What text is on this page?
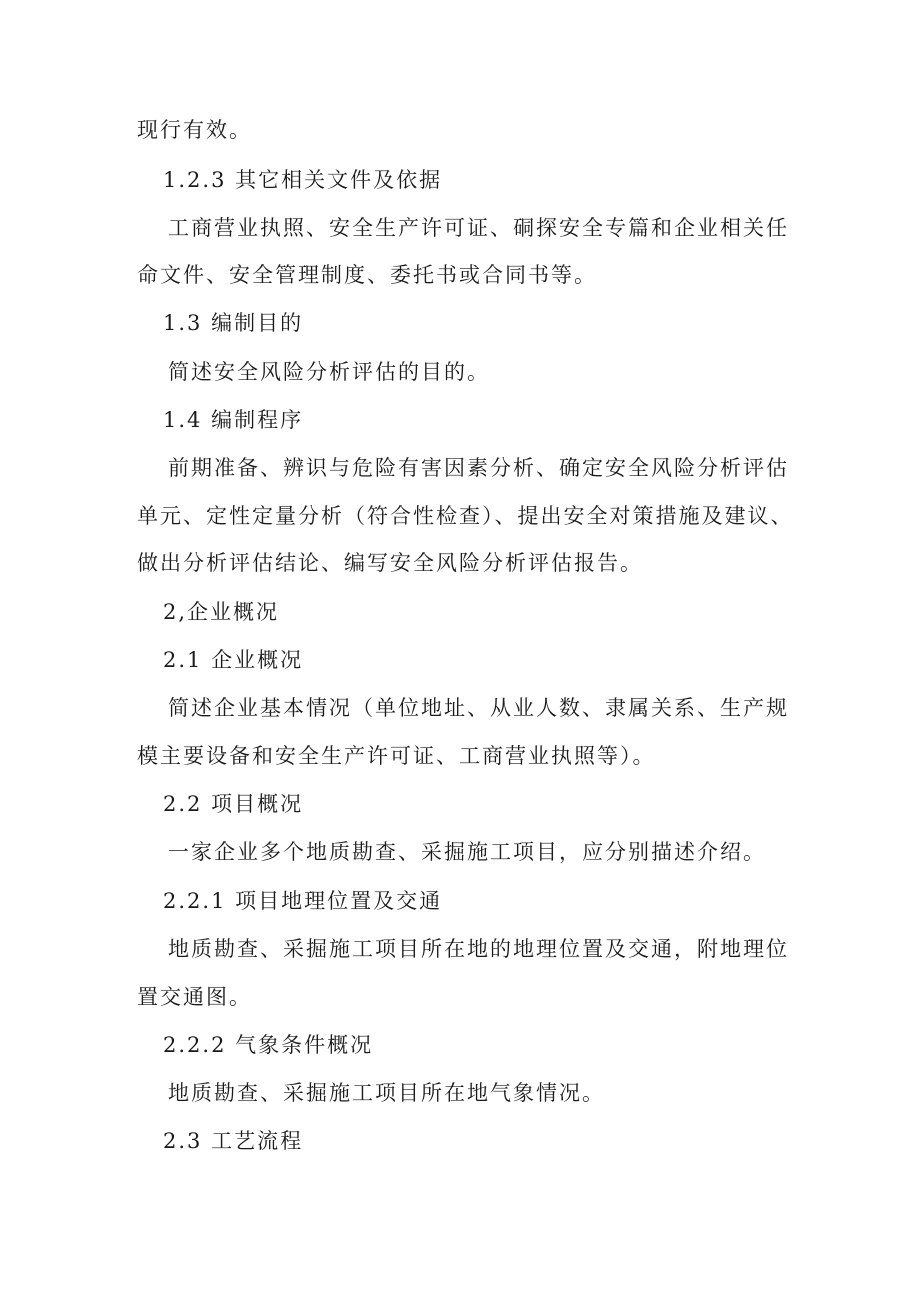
现行有效。
1.2.3 其它相关文件及依据
工商营业执照、安全生产许可证、硐探安全专篇和企业相关任
命文件、安全管理制度、委托书或合同书等。
1.3 编制目的
简述安全风险分析评估的目的。
1.4 编制程序
前期准备、辨识与危险有害因素分析、确定安全风险分析评估
单元、定性定量分析（符合性检查）、提出安全对策措施及建议、
做出分析评估结论、编写安全风险分析评估报告。
2,企业概况
2.1 企业概况
简述企业基本情况（单位地址、从业人数、隶属关系、生产规
模主要设备和安全生产许可证、工商营业执照等）。
2.2 项目概况
一家企业多个地质勘查、采掘施工项目，应分别描述介绍。
2.2.1 项目地理位置及交通
地质勘查、采掘施工项目所在地的地理位置及交通，附地理位
置交通图。
2.2.2 气象条件概况
地质勘查、采掘施工项目所在地气象情况。
2.3 工艺流程
